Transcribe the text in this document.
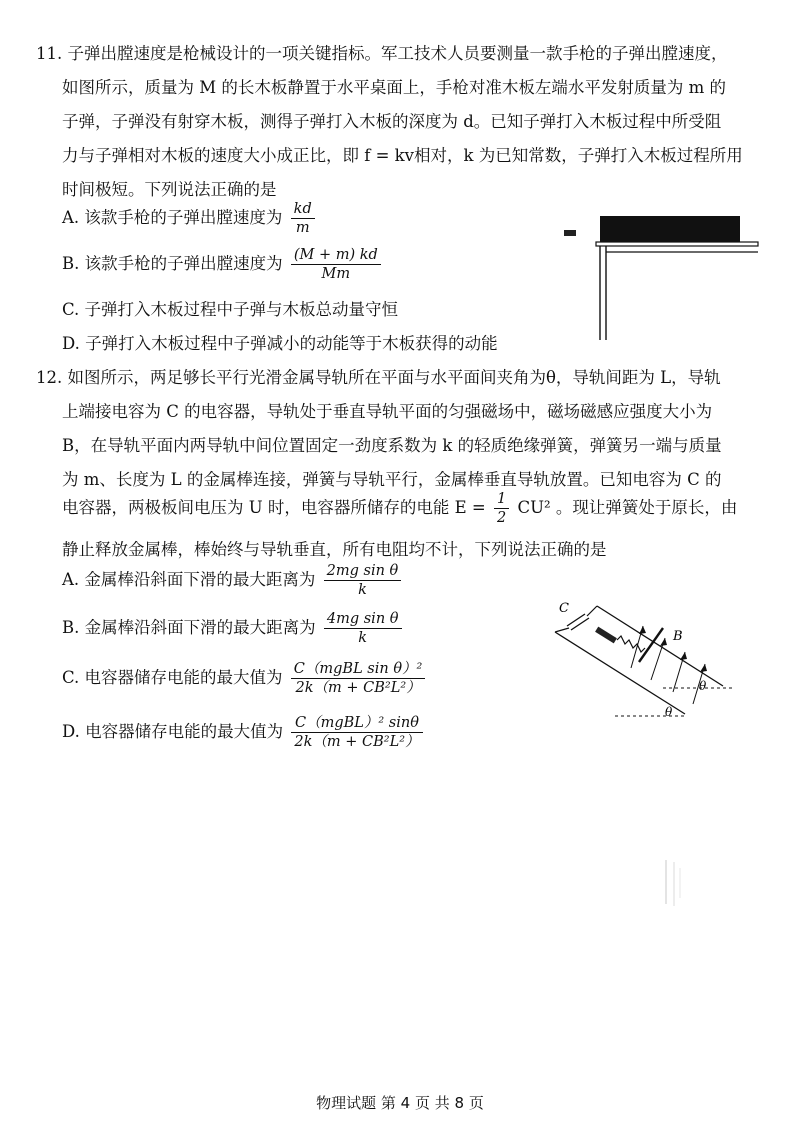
11. 子弹出膛速度是枪械设计的一项关键指标。军工技术人员要测量一款手枪的子弹出膛速度，
如图所示，质量为 M 的长木板静置于水平桌面上，手枪对准木板左端水平发射质量为 m 的
子弹，子弹没有射穿木板，测得子弹打入木板的深度为 d。已知子弹打入木板过程中所受阻
力与子弹相对木板的速度大小成正比，即 f = kv相对，k 为已知常数，子弹打入木板过程所用
时间极短。下列说法正确的是
A. 该款手枪的子弹出膛速度为 $\frac{kd}{m}$
B. 该款手枪的子弹出膛速度为 $\frac{(M + m) kd}{Mm}$
C. 子弹打入木板过程中子弹与木板总动量守恒
D. 子弹打入木板过程中子弹减小的动能等于木板获得的动能
12. 如图所示，两足够长平行光滑金属导轨所在平面与水平面间夹角为θ，导轨间距为 L，导轨
上端接电容为 C 的电容器，导轨处于垂直导轨平面的匀强磁场中，磁场磁感应强度大小为
B，在导轨平面内两导轨中间位置固定一劲度系数为 k 的轻质绝缘弹簧，弹簧另一端与质量
为 m、长度为 L 的金属棒连接，弹簧与导轨平行，金属棒垂直导轨放置。已知电容为 C 的
电容器，两极板间电压为 U 时，电容器所储存的电能 $E = \frac{1}{2} CU^2$ 。现让弹簧处于原长，由
静止释放金属棒，棒始终与导轨垂直，所有电阻均不计，下列说法正确的是
A. 金属棒沿斜面下滑的最大距离为 $\frac{\text{2mg sin θ}}{k}$
B. 金属棒沿斜面下滑的最大距离为 $\frac{\text{4mg sin θ}}{k}$
C. 电容器储存电能的最大值为 $\frac{\text{C（mgBL sin θ）²}}{\text{2k（m + CB²L²）}}$
D. 电容器储存电能的最大值为 $\frac{\text{C（mgBL）² sinθ}}{\text{2k（m + CB²L²）}}$
C
B
θ
θ
物理试题 第 4 页 共 8 页
